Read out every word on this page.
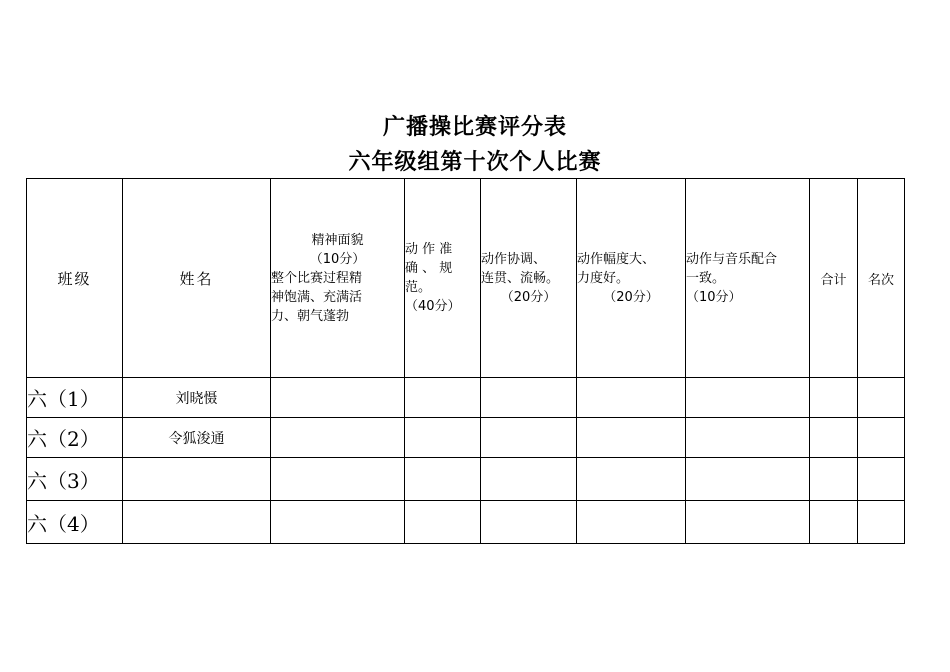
广播操比赛评分表
六年级组第十次个人比赛
班级	姓名	精神面貌
（10分）
整个比赛过程精
神饱满、充满活
力、朝气蓬勃	动 作 准
确 、 规
范。
（40分）	动作协调、
连贯、流畅。
（20分）	动作幅度大、
力度好。
（20分）	动作与音乐配合
一致。
（10分）	合计	名次
六（1）	刘晓慑							
六（2）	令狐浚通							
六（3）								
六（4）								
